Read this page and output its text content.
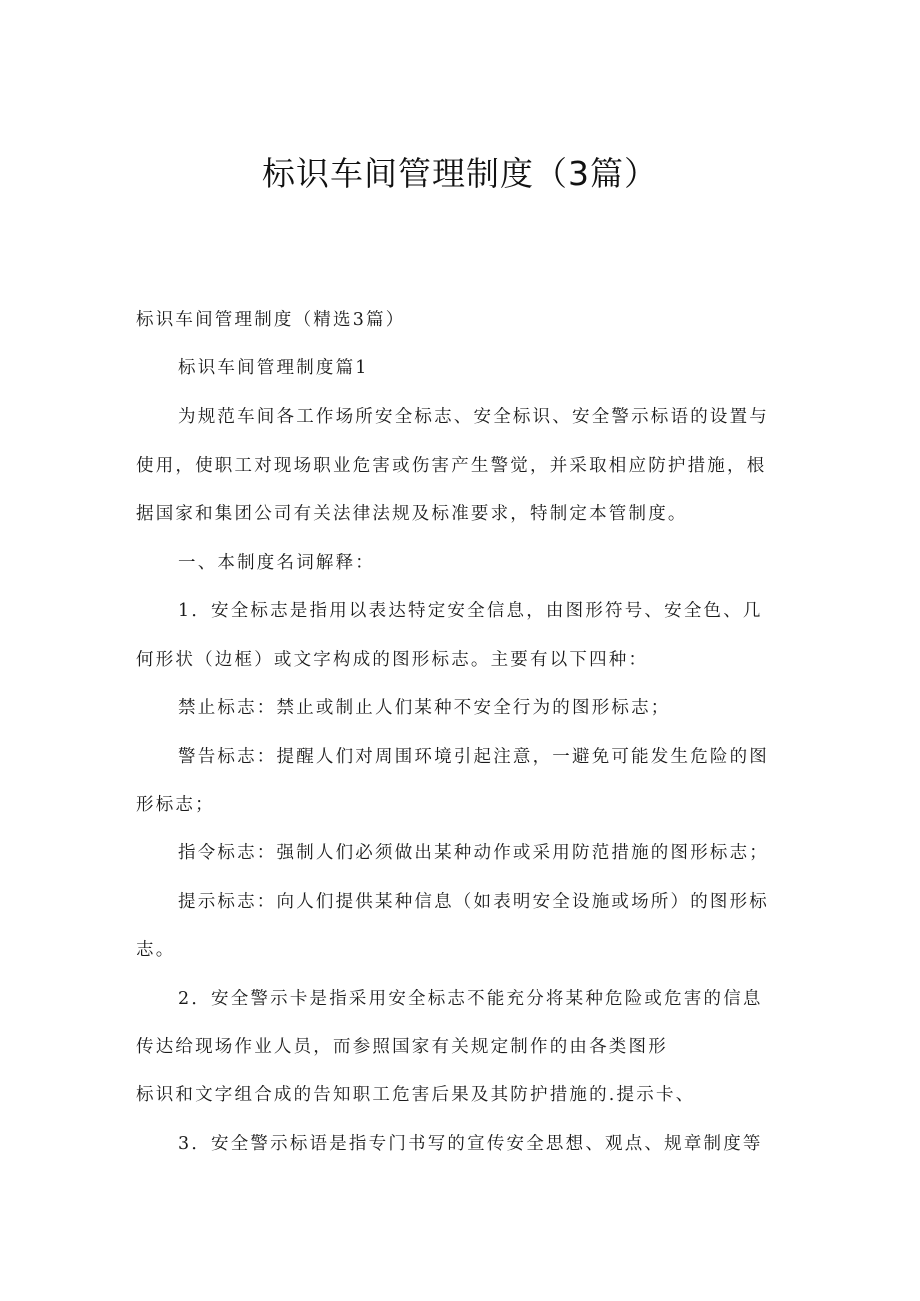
标识车间管理制度（3篇）

标识车间管理制度（精选3篇）

标识车间管理制度篇1

为规范车间各工作场所安全标志、安全标识、安全警示标语的设置与

使用，使职工对现场职业危害或伤害产生警觉，并采取相应防护措施，根

据国家和集团公司有关法律法规及标准要求，特制定本管制度。

一、本制度名词解释：

1．安全标志是指用以表达特定安全信息，由图形符号、安全色、几

何形状（边框）或文字构成的图形标志。主要有以下四种：

禁止标志：禁止或制止人们某种不安全行为的图形标志；

警告标志：提醒人们对周围环境引起注意，一避免可能发生危险的图

形标志；

指令标志：强制人们必须做出某种动作或采用防范措施的图形标志；

提示标志：向人们提供某种信息（如表明安全设施或场所）的图形标

志。

2．安全警示卡是指采用安全标志不能充分将某种危险或危害的信息

传达给现场作业人员，而参照国家有关规定制作的由各类图形

标识和文字组合成的告知职工危害后果及其防护措施的.提示卡、

3．安全警示标语是指专门书写的宣传安全思想、观点、规章制度等
